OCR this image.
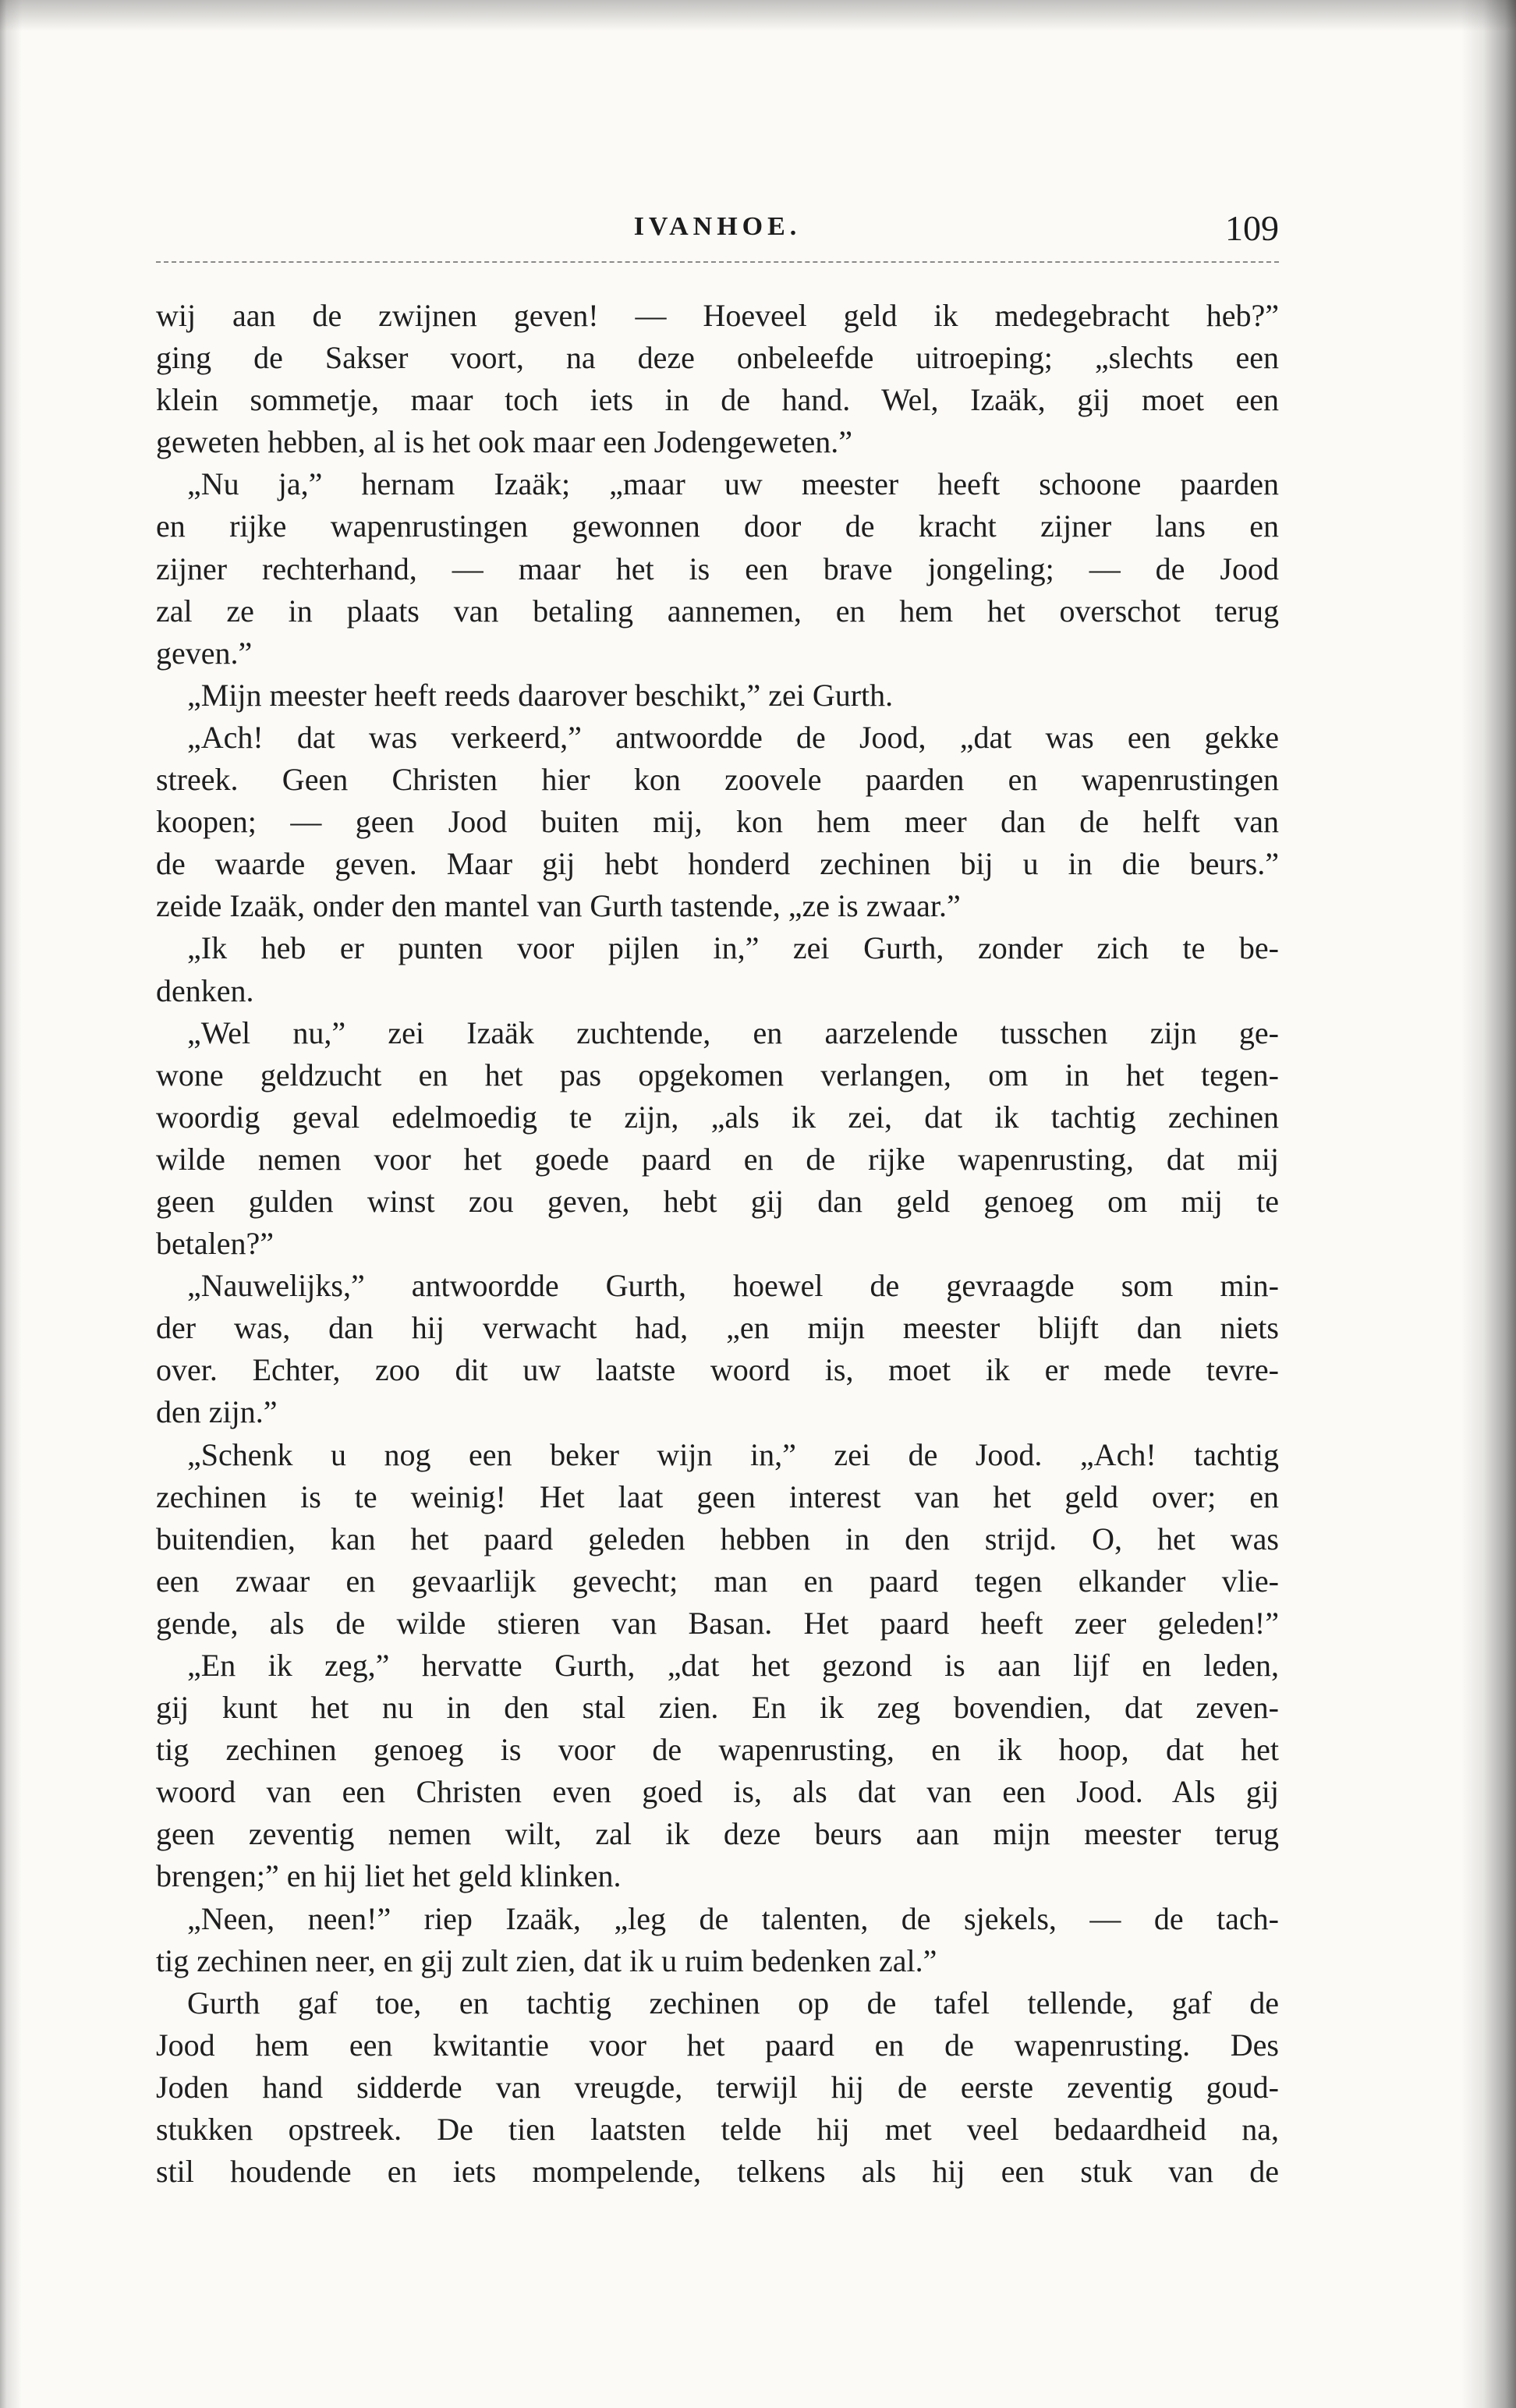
IVANHOE.	109
wij aan de zwijnen geven! — Hoeveel geld ik medegebracht heb?”
ging de Sakser voort, na deze onbeleefde uitroeping; „slechts een
klein sommetje, maar toch iets in de hand. Wel, Izaäk, gij moet een
geweten hebben, al is het ook maar een Jodengeweten.”
„Nu ja,” hernam Izaäk; „maar uw meester heeft schoone paarden
en rijke wapenrustingen gewonnen door de kracht zijner lans en
zijner rechterhand, — maar het is een brave jongeling; — de Jood
zal ze in plaats van betaling aannemen, en hem het overschot terug
geven.”
„Mijn meester heeft reeds daarover beschikt,” zei Gurth.
„Ach! dat was verkeerd,” antwoordde de Jood, „dat was een gekke
streek. Geen Christen hier kon zoovele paarden en wapenrustingen
koopen; — geen Jood buiten mij, kon hem meer dan de helft van
de waarde geven. Maar gij hebt honderd zechinen bij u in die beurs.”
zeide Izaäk, onder den mantel van Gurth tastende, „ze is zwaar.”
„Ik heb er punten voor pijlen in,” zei Gurth, zonder zich te be-
denken.
„Wel nu,” zei Izaäk zuchtende, en aarzelende tusschen zijn ge-
wone geldzucht en het pas opgekomen verlangen, om in het tegen-
woordig geval edelmoedig te zijn, „als ik zei, dat ik tachtig zechinen
wilde nemen voor het goede paard en de rijke wapenrusting, dat mij
geen gulden winst zou geven, hebt gij dan geld genoeg om mij te
betalen?”
„Nauwelijks,” antwoordde Gurth, hoewel de gevraagde som min-
der was, dan hij verwacht had, „en mijn meester blijft dan niets
over. Echter, zoo dit uw laatste woord is, moet ik er mede tevre-
den zijn.”
„Schenk u nog een beker wijn in,” zei de Jood. „Ach! tachtig
zechinen is te weinig! Het laat geen interest van het geld over; en
buitendien, kan het paard geleden hebben in den strijd. O, het was
een zwaar en gevaarlijk gevecht; man en paard tegen elkander vlie-
gende, als de wilde stieren van Basan. Het paard heeft zeer geleden!”
„En ik zeg,” hervatte Gurth, „dat het gezond is aan lijf en leden,
gij kunt het nu in den stal zien. En ik zeg bovendien, dat zeven-
tig zechinen genoeg is voor de wapenrusting, en ik hoop, dat het
woord van een Christen even goed is, als dat van een Jood. Als gij
geen zeventig nemen wilt, zal ik deze beurs aan mijn meester terug
brengen;” en hij liet het geld klinken.
„Neen, neen!” riep Izaäk, „leg de talenten, de sjekels, — de tach-
tig zechinen neer, en gij zult zien, dat ik u ruim bedenken zal.”
Gurth gaf toe, en tachtig zechinen op de tafel tellende, gaf de
Jood hem een kwitantie voor het paard en de wapenrusting. Des
Joden hand sidderde van vreugde, terwijl hij de eerste zeventig goud-
stukken opstreek. De tien laatsten telde hij met veel bedaardheid na,
stil houdende en iets mompelende, telkens als hij een stuk van de
